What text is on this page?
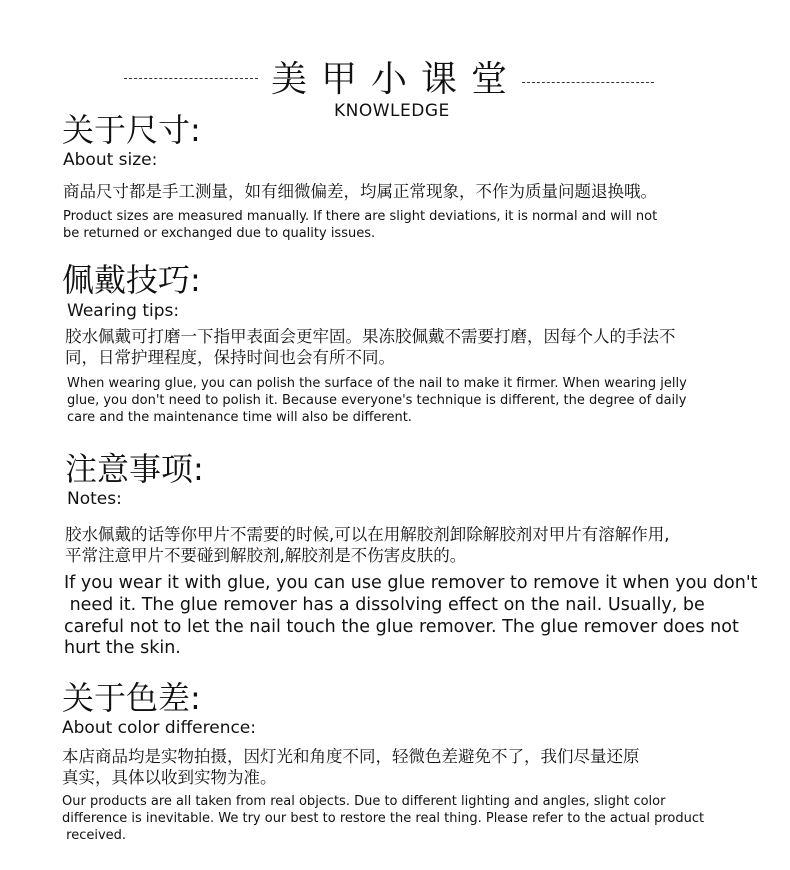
美甲小课堂
KNOWLEDGE
关于尺寸:
About size:
商品尺寸都是手工测量，如有细微偏差，均属正常现象，不作为质量问题退换哦。
Product sizes are measured manually. If there are slight deviations, it is normal and will not
be returned or exchanged due to quality issues.
佩戴技巧:
Wearing tips:
胶水佩戴可打磨一下指甲表面会更牢固。果冻胶佩戴不需要打磨，因每个人的手法不
同，日常护理程度，保持时间也会有所不同。
When wearing glue, you can polish the surface of the nail to make it firmer. When wearing jelly
glue, you don't need to polish it. Because everyone's technique is different, the degree of daily
care and the maintenance time will also be different.
注意事项:
Notes:
胶水佩戴的话等你甲片不需要的时候,可以在用解胶剂卸除解胶剂对甲片有溶解作用,
平常注意甲片不要碰到解胶剂,解胶剂是不伤害皮肤的。
If you wear it with glue, you can use glue remover to remove it when you don't
need it. The glue remover has a dissolving effect on the nail. Usually, be
careful not to let the nail touch the glue remover. The glue remover does not
hurt the skin.
关于色差:
About color difference:
本店商品均是实物拍摄，因灯光和角度不同，轻微色差避免不了，我们尽量还原
真实，具体以收到实物为准。
Our products are all taken from real objects. Due to different lighting and angles, slight color
difference is inevitable. We try our best to restore the real thing. Please refer to the actual product
received.
